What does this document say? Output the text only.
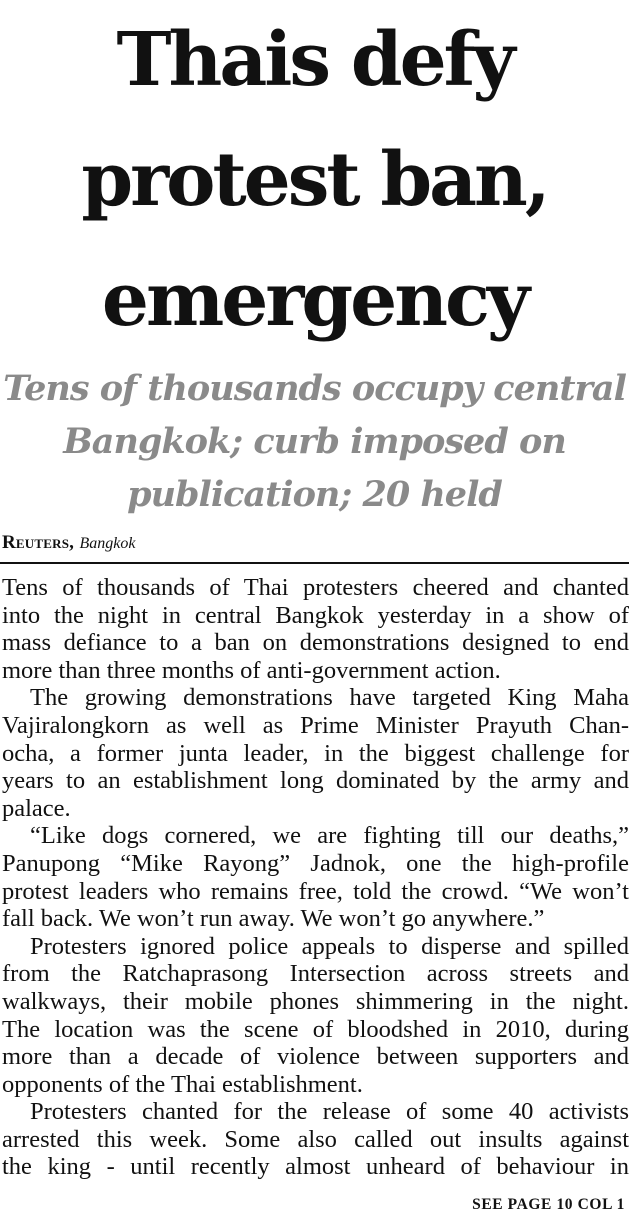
Thais defy
protest ban,
emergency
Tens of thousands occupy central
Bangkok; curb imposed on
publication; 20 held
Reuters, Bangkok
Tens of thousands of Thai protesters cheered and chanted
into the night in central Bangkok yesterday in a show of
mass defiance to a ban on demonstrations designed to end
more than three months of anti-government action.
The growing demonstrations have targeted King Maha
Vajiralongkorn as well as Prime Minister Prayuth Chan-
ocha, a former junta leader, in the biggest challenge for
years to an establishment long dominated by the army and
palace.
“Like dogs cornered, we are fighting till our deaths,”
Panupong “Mike Rayong” Jadnok, one the high-profile
protest leaders who remains free, told the crowd. “We won’t
fall back. We won’t run away. We won’t go anywhere.”
Protesters ignored police appeals to disperse and spilled
from the Ratchaprasong Intersection across streets and
walkways, their mobile phones shimmering in the night.
The location was the scene of bloodshed in 2010, during
more than a decade of violence between supporters and
opponents of the Thai establishment.
Protesters chanted for the release of some 40 activists
arrested this week. Some also called out insults against
the king - until recently almost unheard of behaviour in
SEE PAGE 10 COL 1
